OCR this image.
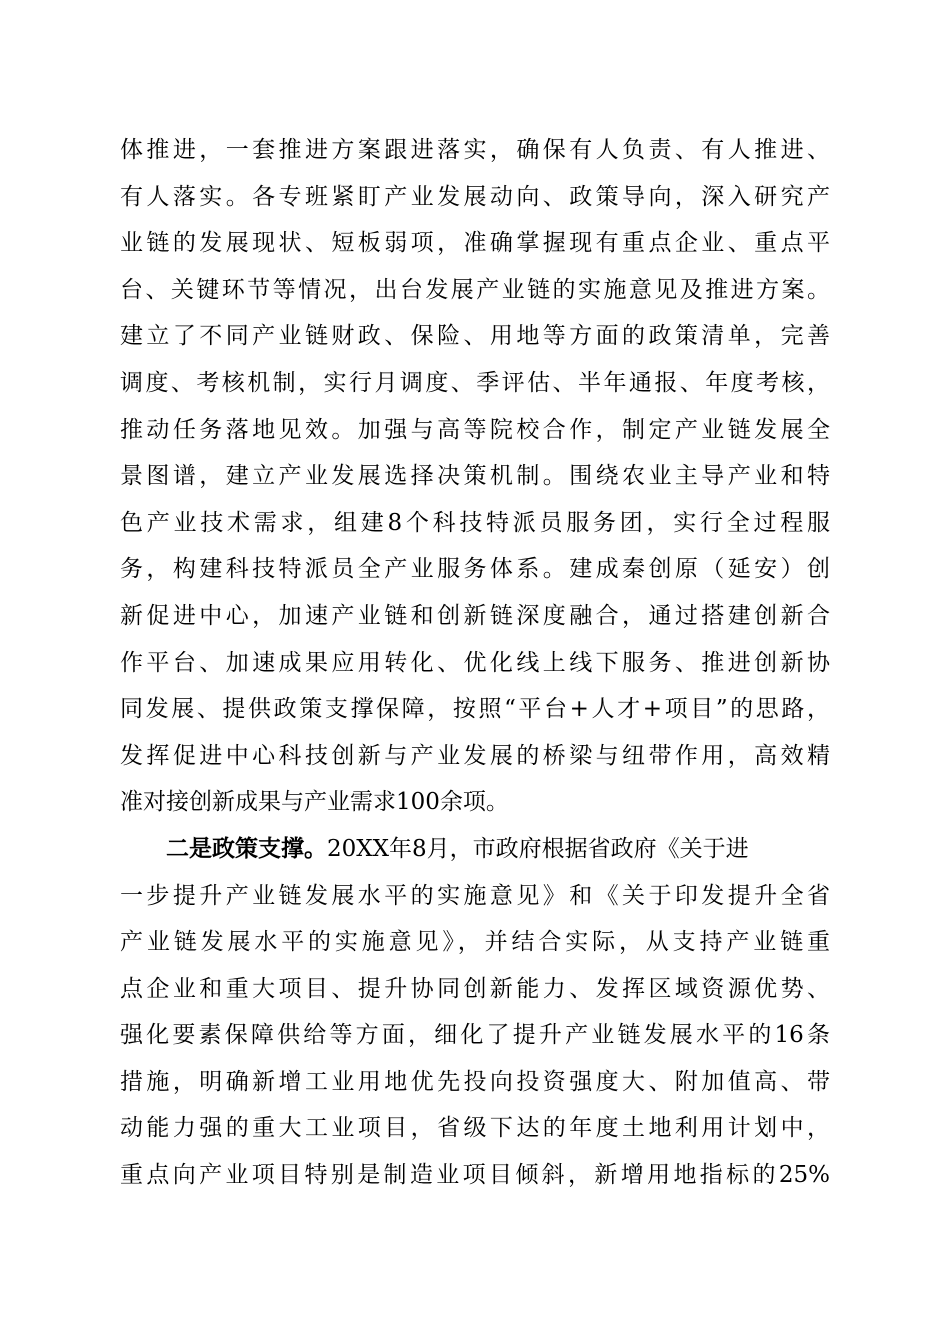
体推进，一套推进方案跟进落实，确保有人负责、有人推进、
有人落实。各专班紧盯产业发展动向、政策导向，深入研究产
业链的发展现状、短板弱项，准确掌握现有重点企业、重点平
台、关键环节等情况，出台发展产业链的实施意见及推进方案。
建立了不同产业链财政、保险、用地等方面的政策清单，完善
调度、考核机制，实行月调度、季评估、半年通报、年度考核，
推动任务落地见效。加强与高等院校合作，制定产业链发展全
景图谱，建立产业发展选择决策机制。围绕农业主导产业和特
色产业技术需求，组建8个科技特派员服务团，实行全过程服
务，构建科技特派员全产业服务体系。建成秦创原（延安）创
新促进中心，加速产业链和创新链深度融合，通过搭建创新合
作平台、加速成果应用转化、优化线上线下服务、推进创新协
同发展、提供政策支撑保障，按照“平台+人才+项目”的思路，
发挥促进中心科技创新与产业发展的桥梁与纽带作用，高效精
准对接创新成果与产业需求100余项。
二是政策支撑。20XX年8月，市政府根据省政府《关于进
一步提升产业链发展水平的实施意见》和《关于印发提升全省
产业链发展水平的实施意见》，并结合实际，从支持产业链重
点企业和重大项目、提升协同创新能力、发挥区域资源优势、
强化要素保障供给等方面，细化了提升产业链发展水平的16条
措施，明确新增工业用地优先投向投资强度大、附加值高、带
动能力强的重大工业项目，省级下达的年度土地利用计划中，
重点向产业项目特别是制造业项目倾斜，新增用地指标的25%
